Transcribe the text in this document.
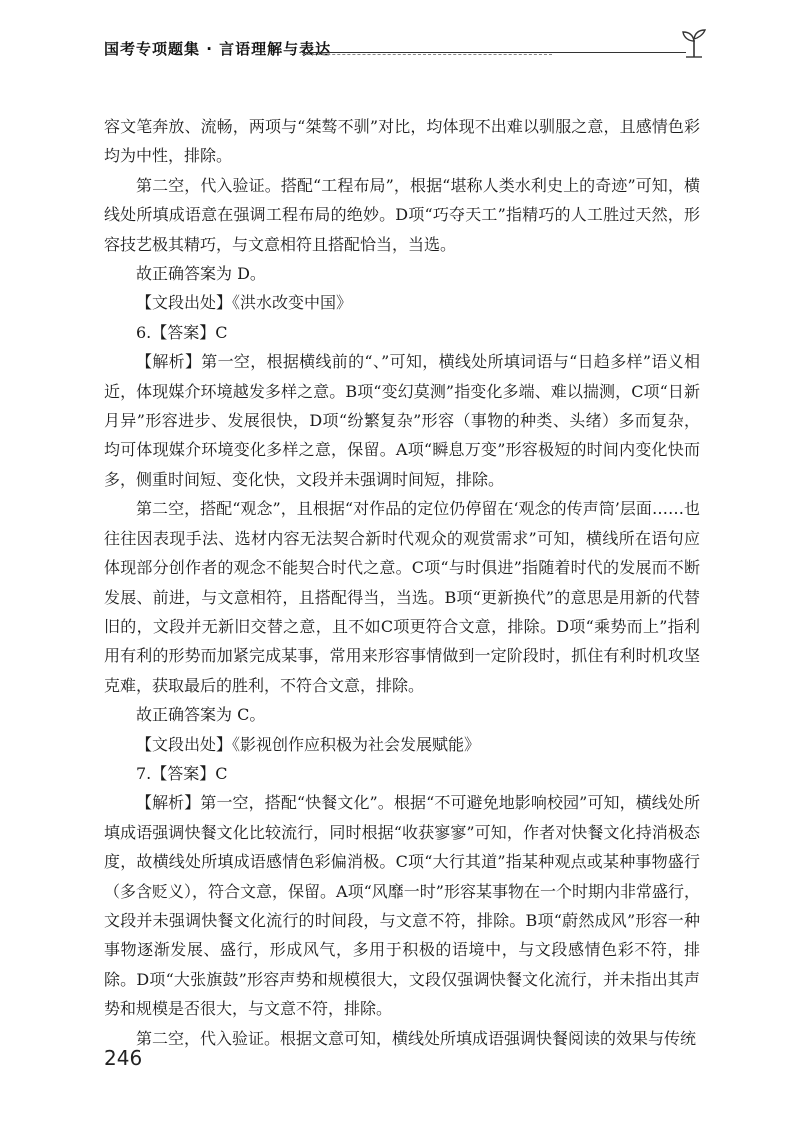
国考专项题集 · 言语理解与表达

容文笔奔放、流畅，两项与“桀骜不驯”对比，均体现不出难以驯服之意，且感情色彩均为中性，排除。

第二空，代入验证。搭配“工程布局”，根据“堪称人类水利史上的奇迹”可知，横线处所填成语意在强调工程布局的绝妙。D项“巧夺天工”指精巧的人工胜过天然，形容技艺极其精巧，与文意相符且搭配恰当，当选。

故正确答案为 D。

【文段出处】《洪水改变中国》

6.【答案】C

【解析】第一空，根据横线前的“、”可知，横线处所填词语与“日趋多样”语义相近，体现媒介环境越发多样之意。B项“变幻莫测”指变化多端、难以揣测，C项“日新月异”形容进步、发展很快，D项“纷繁复杂”形容（事物的种类、头绪）多而复杂，均可体现媒介环境变化多样之意，保留。A项“瞬息万变”形容极短的时间内变化快而多，侧重时间短、变化快，文段并未强调时间短，排除。

第二空，搭配“观念”，且根据“对作品的定位仍停留在‘观念的传声筒’层面……也往往因表现手法、选材内容无法契合新时代观众的观赏需求”可知，横线所在语句应体现部分创作者的观念不能契合时代之意。C项“与时俱进”指随着时代的发展而不断发展、前进，与文意相符，且搭配得当，当选。B项“更新换代”的意思是用新的代替旧的，文段并无新旧交替之意，且不如C项更符合文意，排除。D项“乘势而上”指利用有利的形势而加紧完成某事，常用来形容事情做到一定阶段时，抓住有利时机攻坚克难，获取最后的胜利，不符合文意，排除。

故正确答案为 C。

【文段出处】《影视创作应积极为社会发展赋能》

7.【答案】C

【解析】第一空，搭配“快餐文化”。根据“不可避免地影响校园”可知，横线处所填成语强调快餐文化比较流行，同时根据“收获寥寥”可知，作者对快餐文化持消极态度，故横线处所填成语感情色彩偏消极。C项“大行其道”指某种观点或某种事物盛行（多含贬义），符合文意，保留。A项“风靡一时”形容某事物在一个时期内非常盛行，文段并未强调快餐文化流行的时间段，与文意不符，排除。B项“蔚然成风”形容一种事物逐渐发展、盛行，形成风气，多用于积极的语境中，与文段感情色彩不符，排除。D项“大张旗鼓”形容声势和规模很大，文段仅强调快餐文化流行，并未指出其声势和规模是否很大，与文意不符，排除。

第二空，代入验证。根据文意可知，横线处所填成语强调快餐阅读的效果与传统

246
